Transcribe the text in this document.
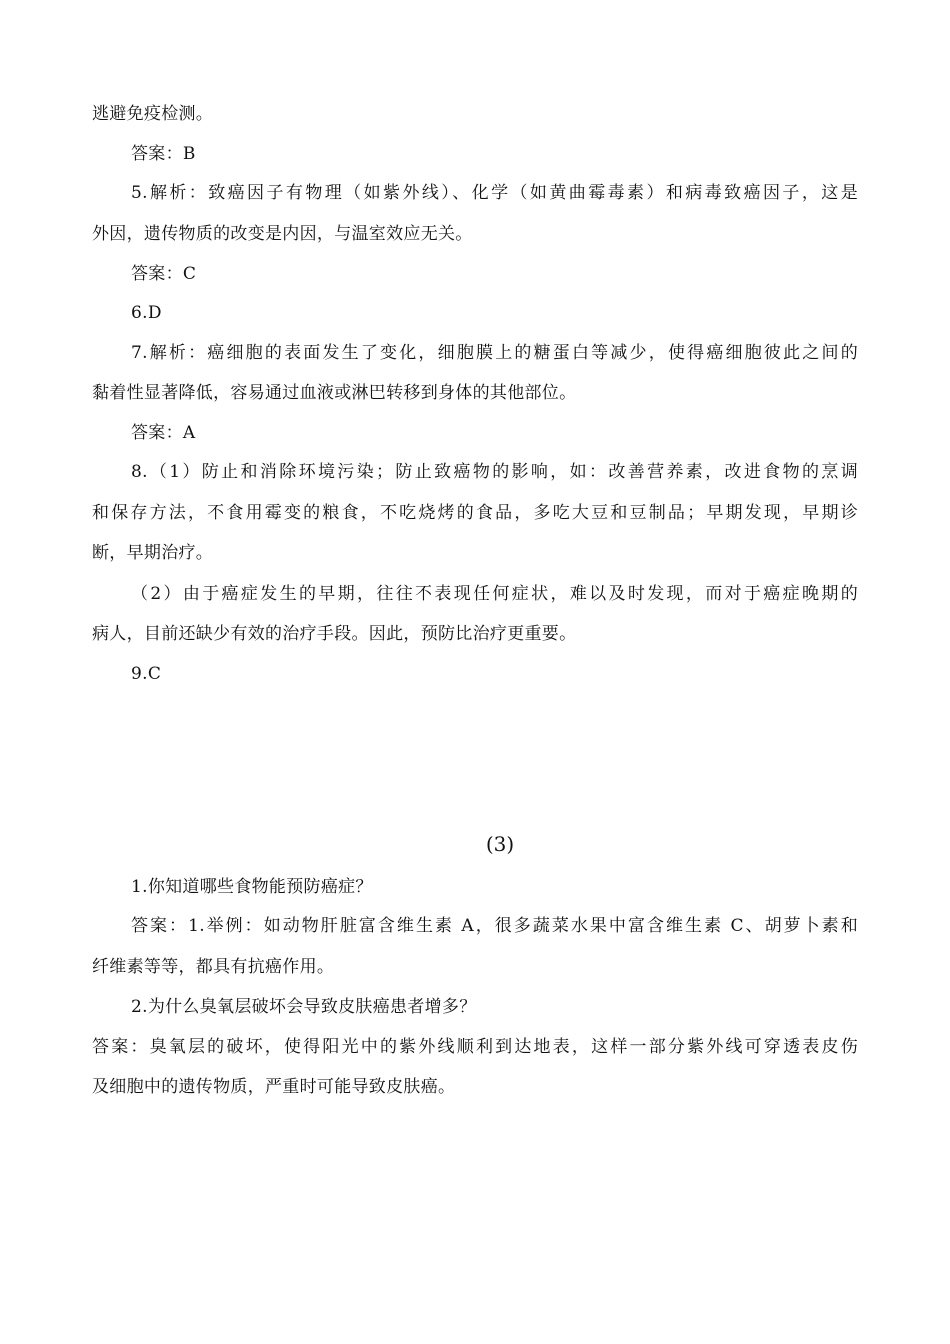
逃避免疫检测。
答案：B
5.解析：致癌因子有物理（如紫外线）、化学（如黄曲霉毒素）和病毒致癌因子，这是
外因，遗传物质的改变是内因，与温室效应无关。
答案：C
6.D
7.解析：癌细胞的表面发生了变化，细胞膜上的糖蛋白等减少，使得癌细胞彼此之间的
黏着性显著降低，容易通过血液或淋巴转移到身体的其他部位。
答案：A
8.（1）防止和消除环境污染；防止致癌物的影响，如：改善营养素，改进食物的烹调
和保存方法，不食用霉变的粮食，不吃烧烤的食品，多吃大豆和豆制品；早期发现，早期诊
断，早期治疗。
（2）由于癌症发生的早期，往往不表现任何症状，难以及时发现，而对于癌症晚期的
病人，目前还缺少有效的治疗手段。因此，预防比治疗更重要。
9.C
(3)
1.你知道哪些食物能预防癌症？
答案：1.举例：如动物肝脏富含维生素 A，很多蔬菜水果中富含维生素 C、胡萝卜素和
纤维素等等，都具有抗癌作用。
2.为什么臭氧层破坏会导致皮肤癌患者增多？
答案：臭氧层的破坏，使得阳光中的紫外线顺利到达地表，这样一部分紫外线可穿透表皮伤
及细胞中的遗传物质，严重时可能导致皮肤癌。
